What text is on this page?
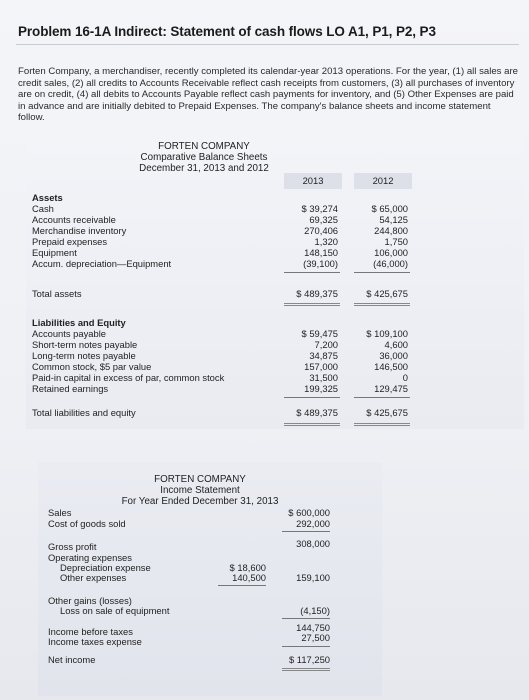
Problem 16-1A Indirect: Statement of cash flows LO A1, P1, P2, P3
Forten Company, a merchandiser, recently completed its calendar-year 2013 operations. For the year, (1) all sales are credit sales, (2) all credits to Accounts Receivable reflect cash receipts from customers, (3) all purchases of inventory are on credit, (4) all debits to Accounts Payable reflect cash payments for inventory, and (5) Other Expenses are paid in advance and are initially debited to Prepaid Expenses. The company's balance sheets and income statement follow.
FORTEN COMPANY
Comparative Balance Sheets
December 31, 2013 and 2012
2013	2012
Assets
Cash	$ 39,274	$ 65,000
Accounts receivable	69,325	54,125
Merchandise inventory	270,406	244,800
Prepaid expenses	1,320	1,750
Equipment	148,150	106,000
Accum. depreciation—Equipment	(39,100)	(46,000)
Total assets	$ 489,375	$ 425,675
Liabilities and Equity
Accounts payable	$ 59,475	$ 109,100
Short-term notes payable	7,200	4,600
Long-term notes payable	34,875	36,000
Common stock, $5 par value	157,000	146,500
Paid-in capital in excess of par, common stock	31,500	0
Retained earnings	199,325	129,475
Total liabilities and equity	$ 489,375	$ 425,675
FORTEN COMPANY
Income Statement
For Year Ended December 31, 2013
Sales	$ 600,000
Cost of goods sold	292,000
Gross profit	308,000
Operating expenses
Depreciation expense	$ 18,600
Other expenses	140,500	159,100
Other gains (losses)
Loss on sale of equipment	(4,150)
Income before taxes	144,750
Income taxes expense	27,500
Net income	$ 117,250
